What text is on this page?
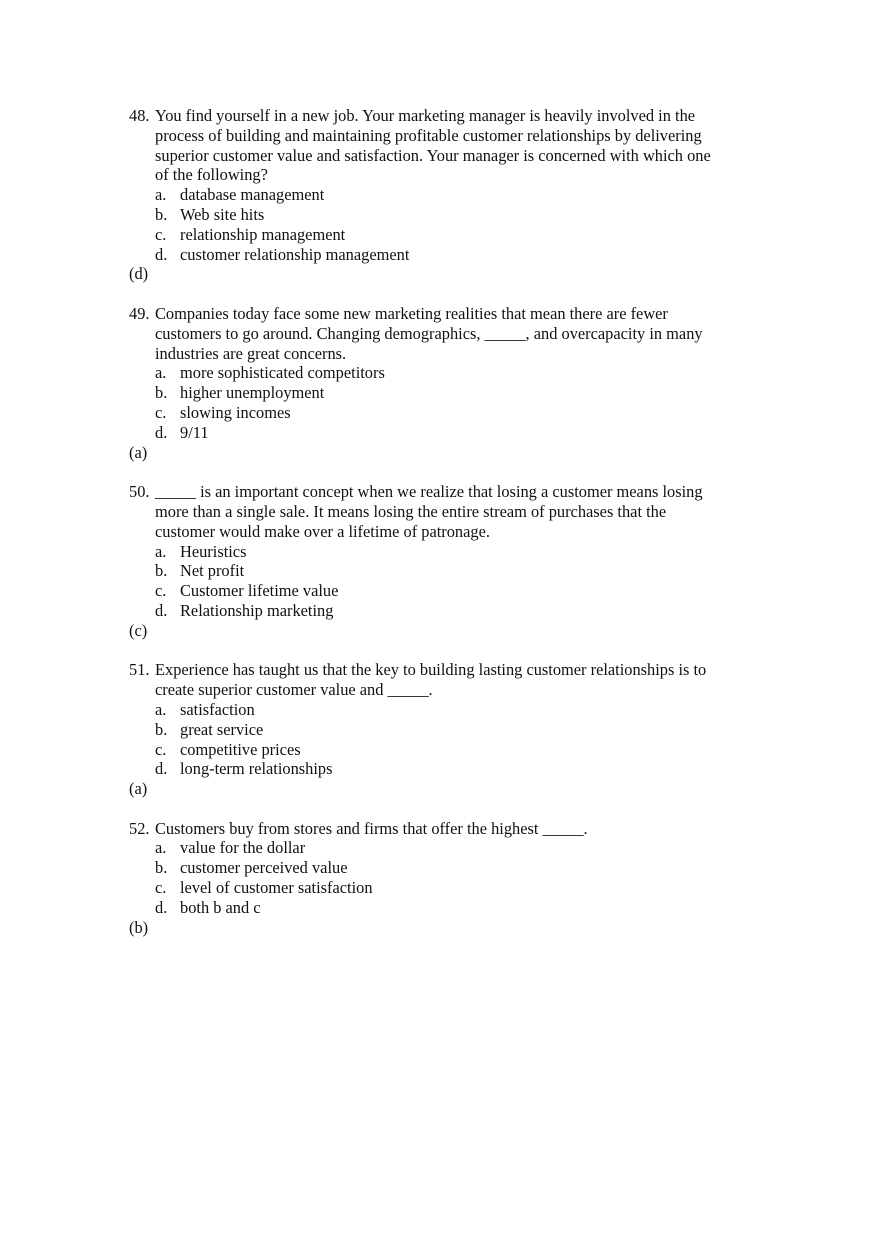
48. You find yourself in a new job. Your marketing manager is heavily involved in the
process of building and maintaining profitable customer relationships by delivering
superior customer value and satisfaction. Your manager is concerned with which one
of the following?
a. database management
b. Web site hits
c. relationship management
d. customer relationship management
(d)
49. Companies today face some new marketing realities that mean there are fewer
customers to go around. Changing demographics, _____, and overcapacity in many
industries are great concerns.
a. more sophisticated competitors
b. higher unemployment
c. slowing incomes
d. 9/11
(a)
50. _____ is an important concept when we realize that losing a customer means losing
more than a single sale. It means losing the entire stream of purchases that the
customer would make over a lifetime of patronage.
a. Heuristics
b. Net profit
c. Customer lifetime value
d. Relationship marketing
(c)
51. Experience has taught us that the key to building lasting customer relationships is to
create superior customer value and _____.
a. satisfaction
b. great service
c. competitive prices
d. long-term relationships
(a)
52. Customers buy from stores and firms that offer the highest _____.
a. value for the dollar
b. customer perceived value
c. level of customer satisfaction
d. both b and c
(b)
